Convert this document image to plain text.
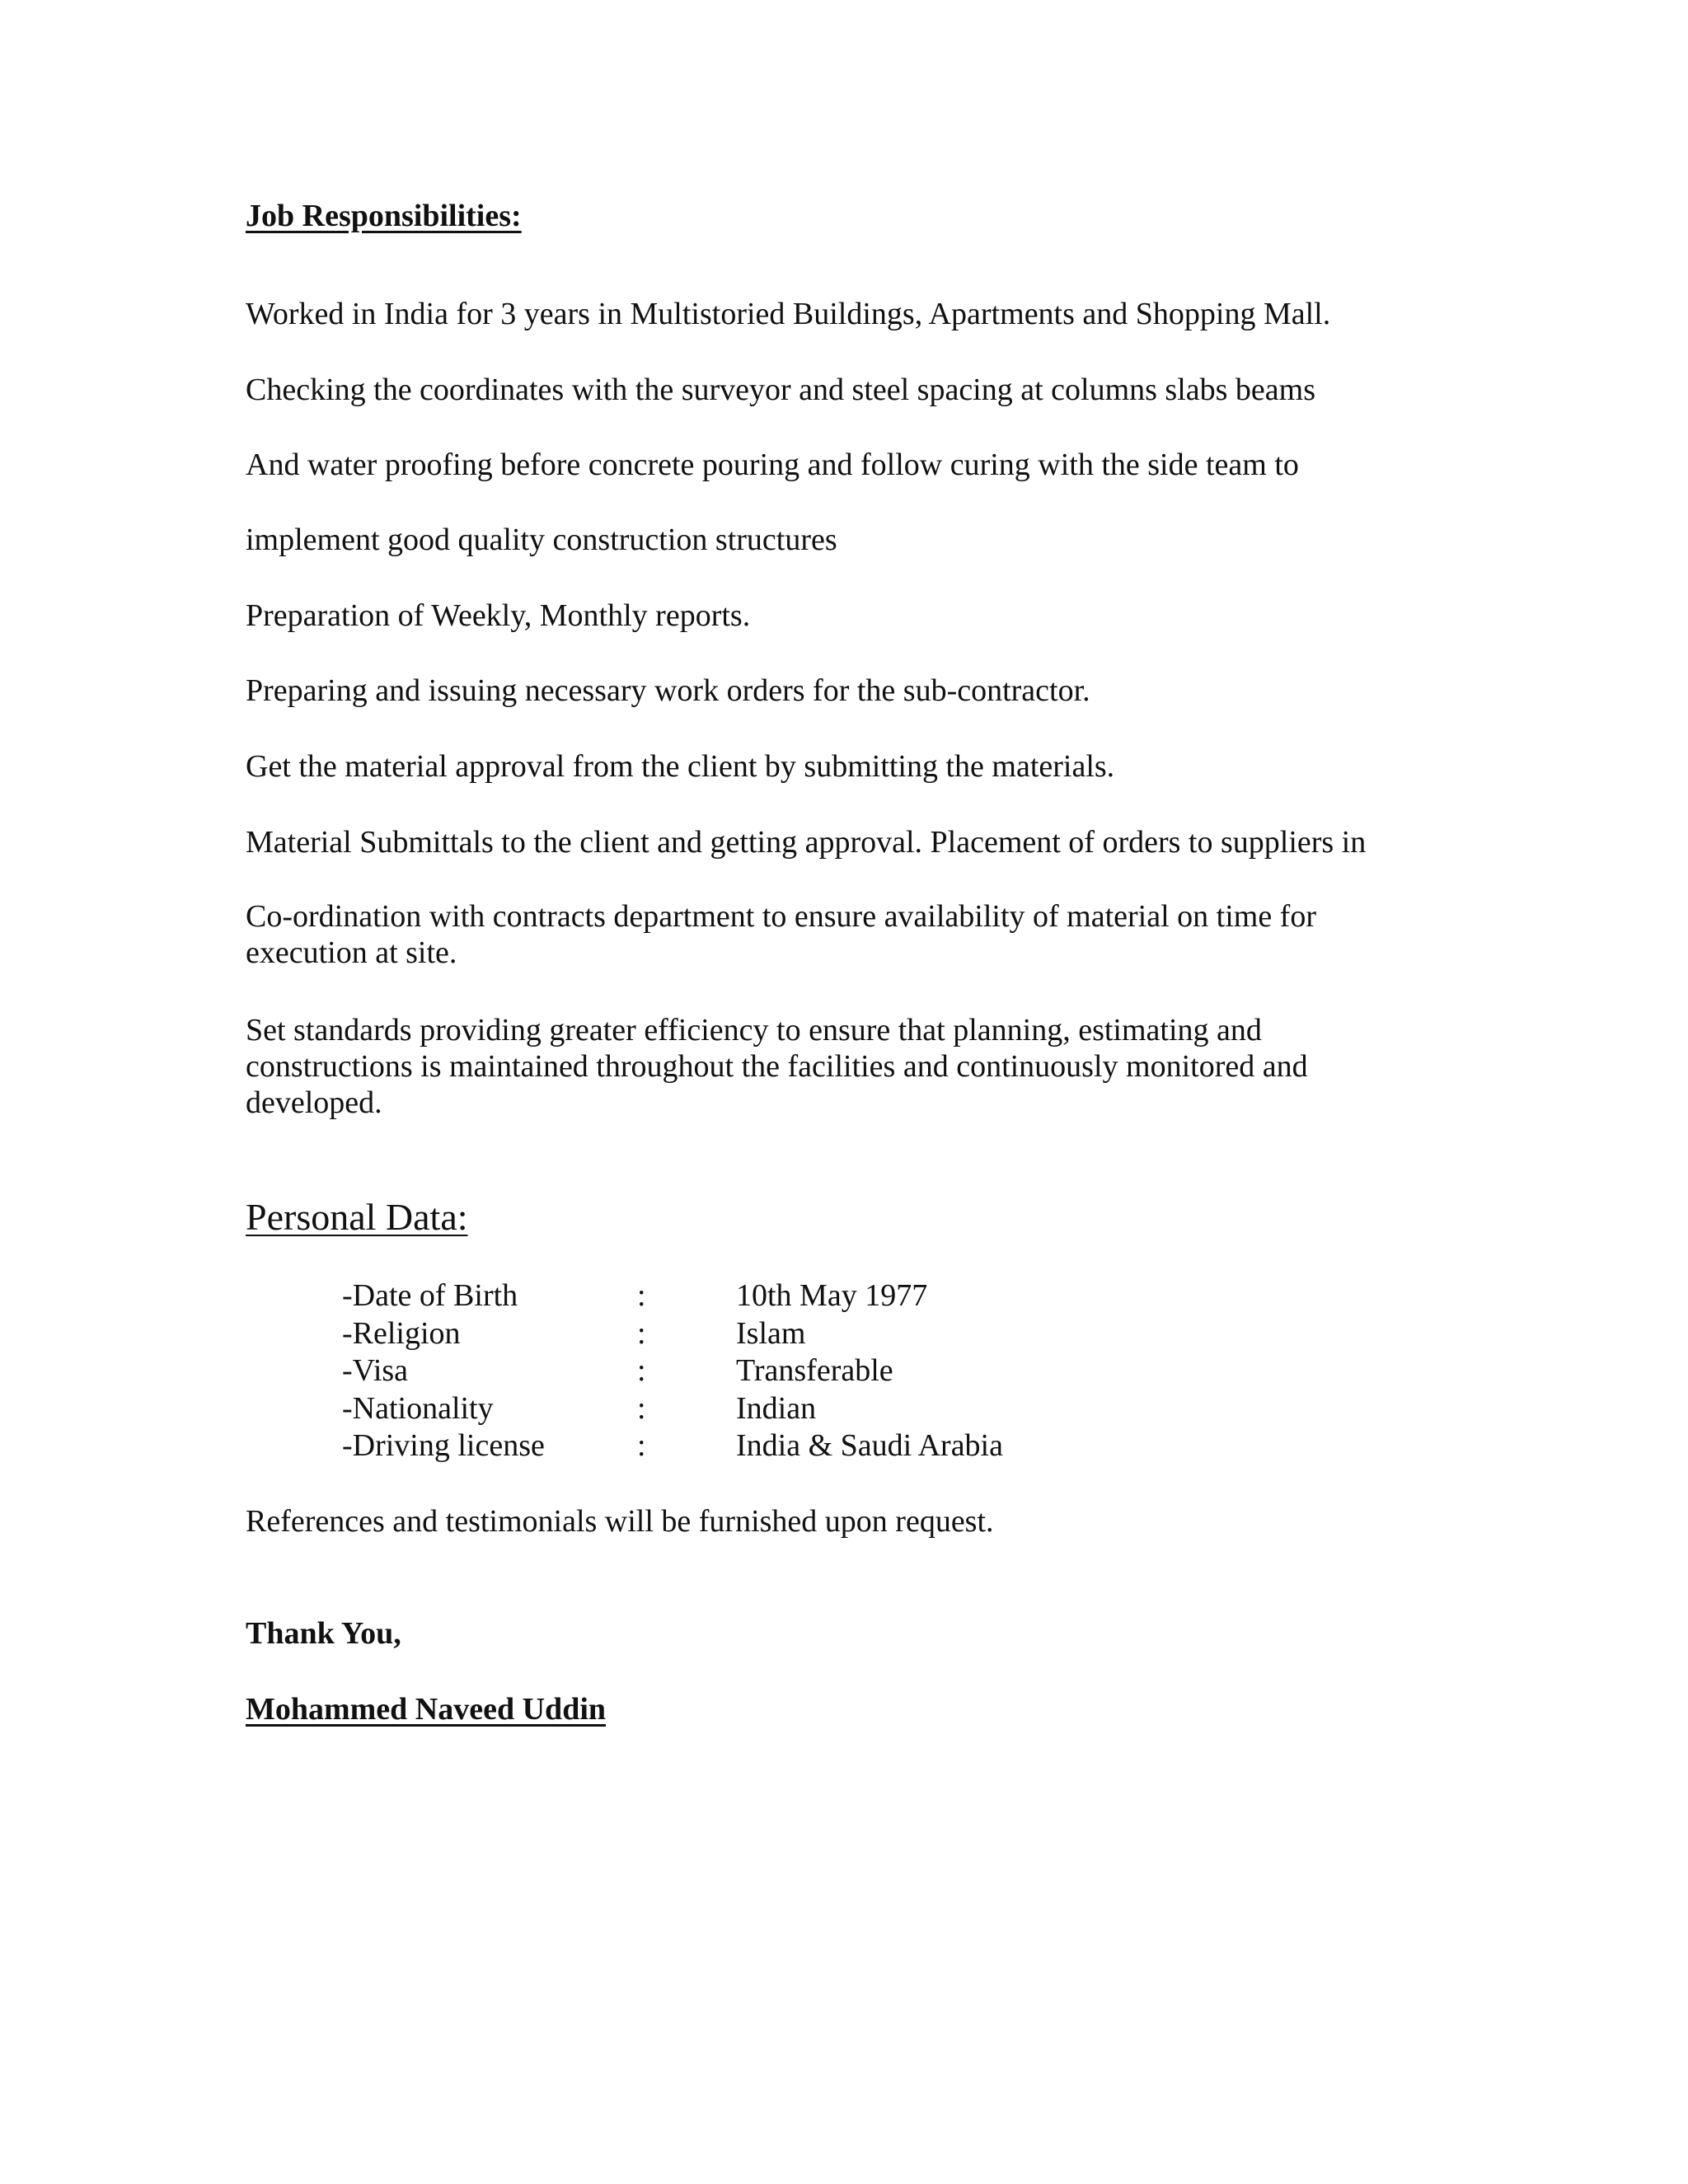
Job Responsibilities:
Worked in India for 3 years in Multistoried Buildings, Apartments and Shopping Mall.
Checking the coordinates with the surveyor and steel spacing at columns slabs beams
And water proofing before concrete pouring and follow curing with the side team to
implement good quality construction structures
Preparation of Weekly, Monthly reports.
Preparing and issuing necessary work orders for the sub-contractor.
Get the material approval from the client by submitting the materials.
Material Submittals to the client and getting approval. Placement of orders to suppliers in
Co-ordination with contracts department to ensure availability of material on time for execution at site.
Set standards providing greater efficiency to ensure that planning, estimating and constructions is maintained throughout the facilities and continuously monitored and developed.
Personal Data:
-Date of Birth	:	10th May 1977
-Religion	:	Islam
-Visa	:	Transferable
-Nationality	:	Indian
-Driving license	:	India & Saudi Arabia
References and testimonials will be furnished upon request.
Thank You,
Mohammed Naveed Uddin
